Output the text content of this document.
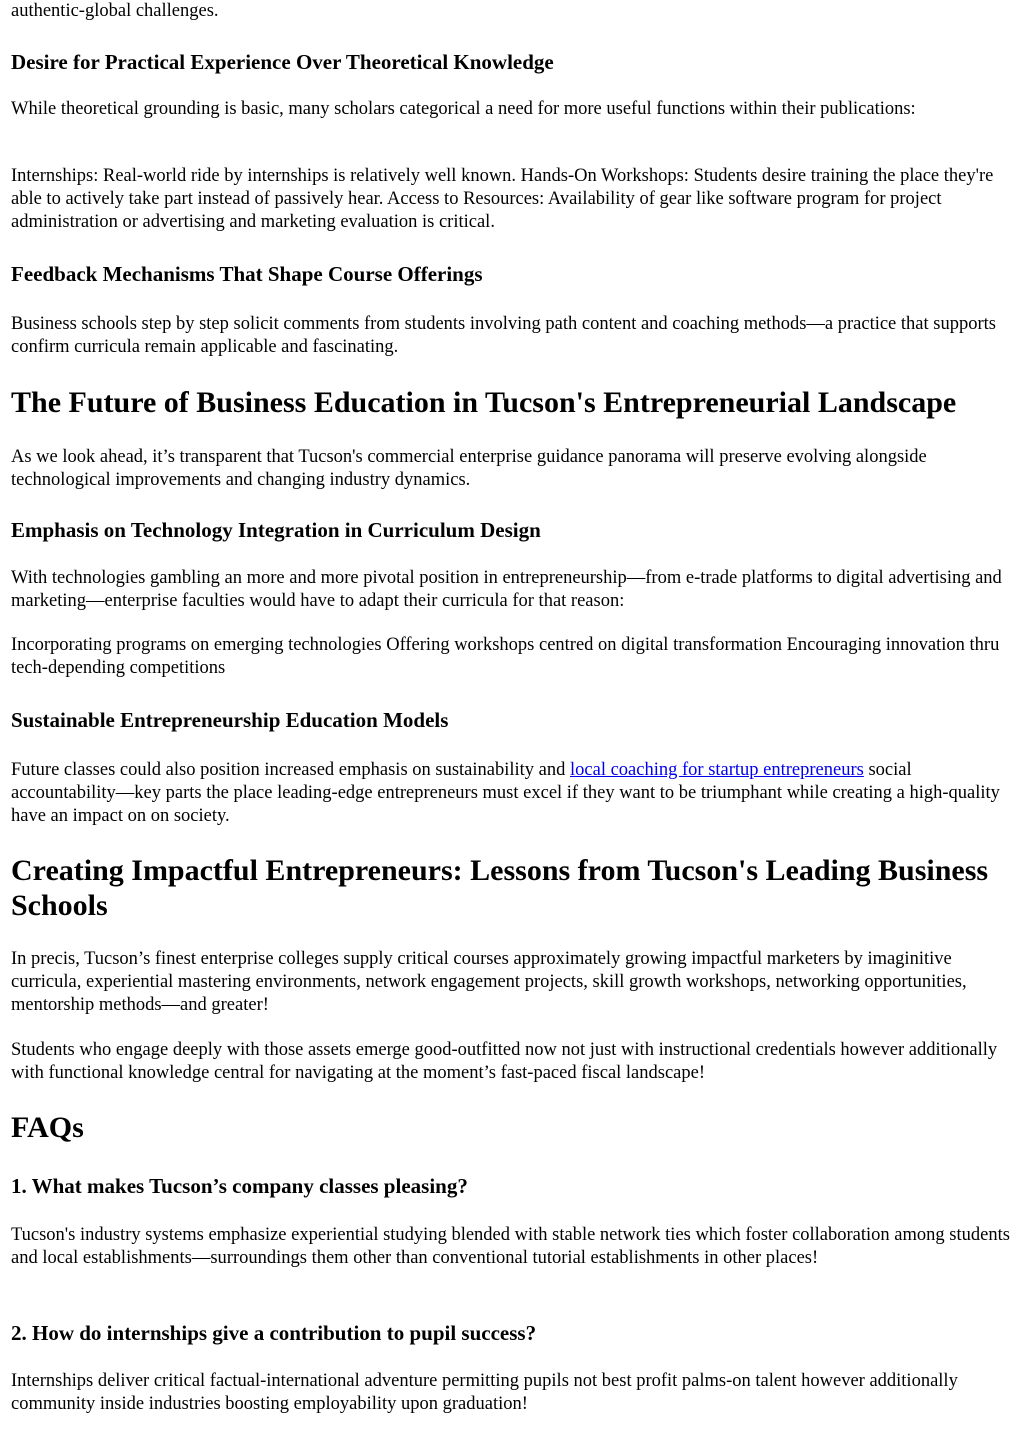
authentic-global challenges.

Desire for Practical Experience Over Theoretical Knowledge

While theoretical grounding is basic, many scholars categorical a need for more useful functions within their publications:

Internships: Real-world ride by internships is relatively well known. Hands-On Workshops: Students desire training the place they're able to actively take part instead of passively hear. Access to Resources: Availability of gear like software program for project administration or advertising and marketing evaluation is critical.

Feedback Mechanisms That Shape Course Offerings

Business schools step by step solicit comments from students involving path content and coaching methods—a practice that supports confirm curricula remain applicable and fascinating.

The Future of Business Education in Tucson's Entrepreneurial Landscape

As we look ahead, it’s transparent that Tucson's commercial enterprise guidance panorama will preserve evolving alongside technological improvements and changing industry dynamics.

Emphasis on Technology Integration in Curriculum Design

With technologies gambling an more and more pivotal position in entrepreneurship—from e-trade platforms to digital advertising and marketing—enterprise faculties would have to adapt their curricula for that reason:

Incorporating programs on emerging technologies Offering workshops centred on digital transformation Encouraging innovation thru tech-depending competitions

Sustainable Entrepreneurship Education Models

Future classes could also position increased emphasis on sustainability and local coaching for startup entrepreneurs social accountability—key parts the place leading-edge entrepreneurs must excel if they want to be triumphant while creating a high-quality have an impact on on society.

Creating Impactful Entrepreneurs: Lessons from Tucson's Leading Business Schools

In precis, Tucson’s finest enterprise colleges supply critical courses approximately growing impactful marketers by imaginitive curricula, experiential mastering environments, network engagement projects, skill growth workshops, networking opportunities, mentorship methods—and greater!

Students who engage deeply with those assets emerge good-outfitted now not just with instructional credentials however additionally with functional knowledge central for navigating at the moment’s fast-paced fiscal landscape!

FAQs
1. What makes Tucson’s company classes pleasing?

Tucson's industry systems emphasize experiential studying blended with stable network ties which foster collaboration among students and local establishments—surroundings them other than conventional tutorial establishments in other places!

2. How do internships give a contribution to pupil success?

Internships deliver critical factual-international adventure permitting pupils not best profit palms-on talent however additionally community inside industries boosting employability upon graduation!
